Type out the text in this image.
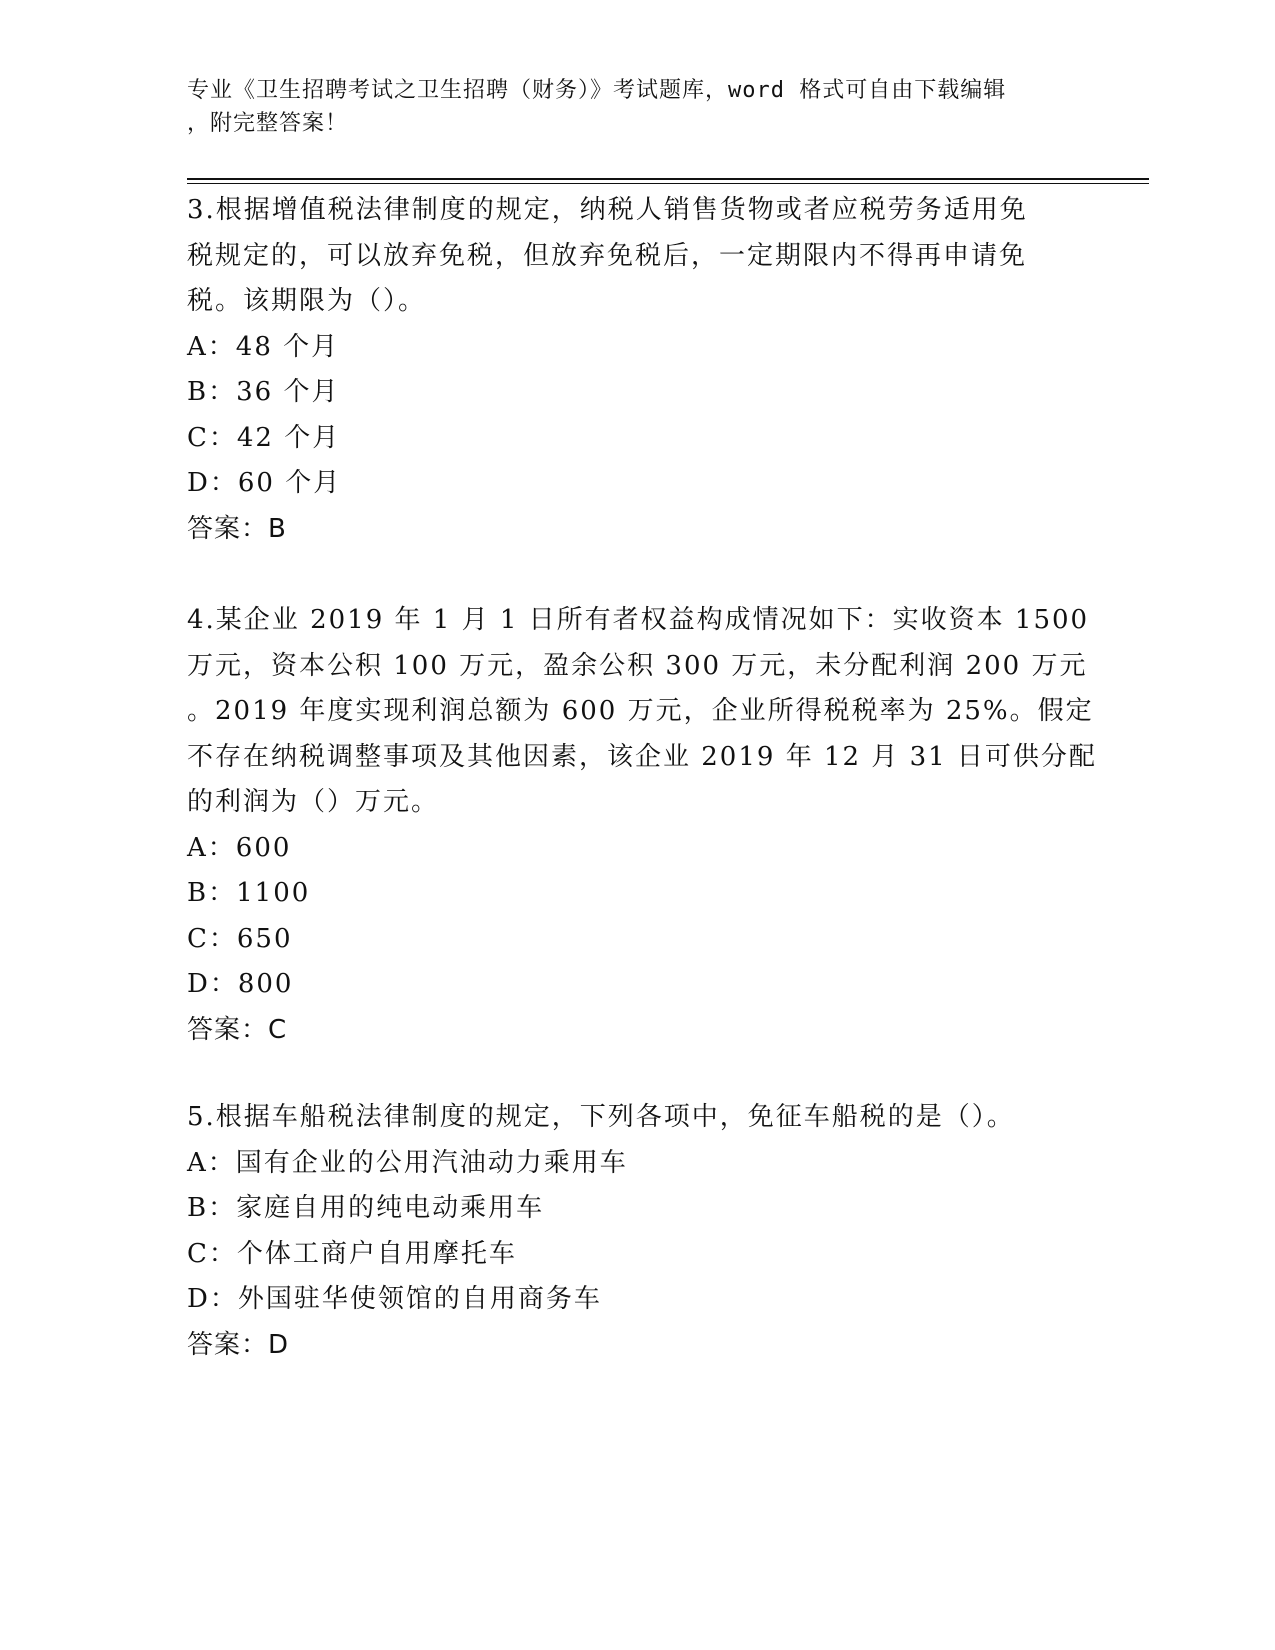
专业《卫生招聘考试之卫生招聘（财务）》考试题库，word 格式可自由下载编辑
，附完整答案！
3.根据增值税法律制度的规定，纳税人销售货物或者应税劳务适用免
税规定的，可以放弃免税，但放弃免税后，一定期限内不得再申请免
税。该期限为（）。
A：48 个月
B：36 个月
C：42 个月
D：60 个月
答案：B
4.某企业 2019 年 1 月 1 日所有者权益构成情况如下：实收资本 1500
万元，资本公积 100 万元，盈余公积 300 万元，未分配利润 200 万元
。2019 年度实现利润总额为 600 万元，企业所得税税率为 25%。假定
不存在纳税调整事项及其他因素，该企业 2019 年 12 月 31 日可供分配
的利润为（）万元。
A：600
B：1100
C：650
D：800
答案：C
5.根据车船税法律制度的规定，下列各项中，免征车船税的是（）。
A：国有企业的公用汽油动力乘用车
B：家庭自用的纯电动乘用车
C：个体工商户自用摩托车
D：外国驻华使领馆的自用商务车
答案：D
